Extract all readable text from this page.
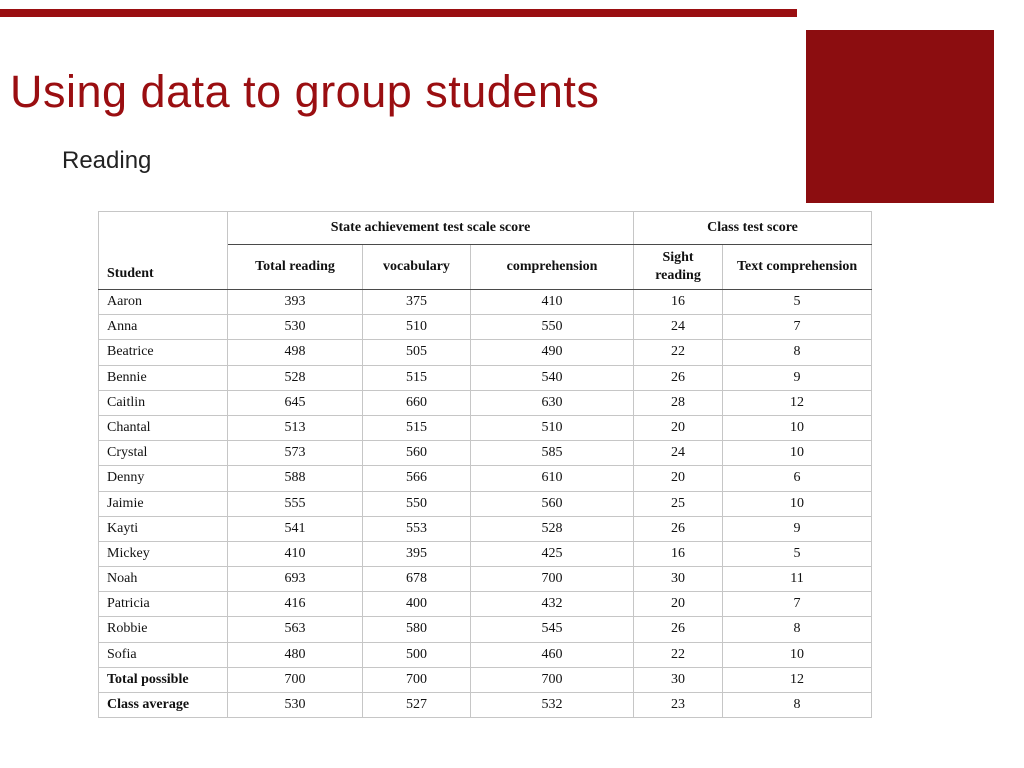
Using data to group students
Reading
Student	State achievement test scale score			Class test score	
	Total reading	vocabulary	comprehension	Sight reading	Text comprehension
Aaron	393	375	410	16	5
Anna	530	510	550	24	7
Beatrice	498	505	490	22	8
Bennie	528	515	540	26	9
Caitlin	645	660	630	28	12
Chantal	513	515	510	20	10
Crystal	573	560	585	24	10
Denny	588	566	610	20	6
Jaimie	555	550	560	25	10
Kayti	541	553	528	26	9
Mickey	410	395	425	16	5
Noah	693	678	700	30	11
Patricia	416	400	432	20	7
Robbie	563	580	545	26	8
Sofia	480	500	460	22	10
Total possible	700	700	700	30	12
Class average	530	527	532	23	8
